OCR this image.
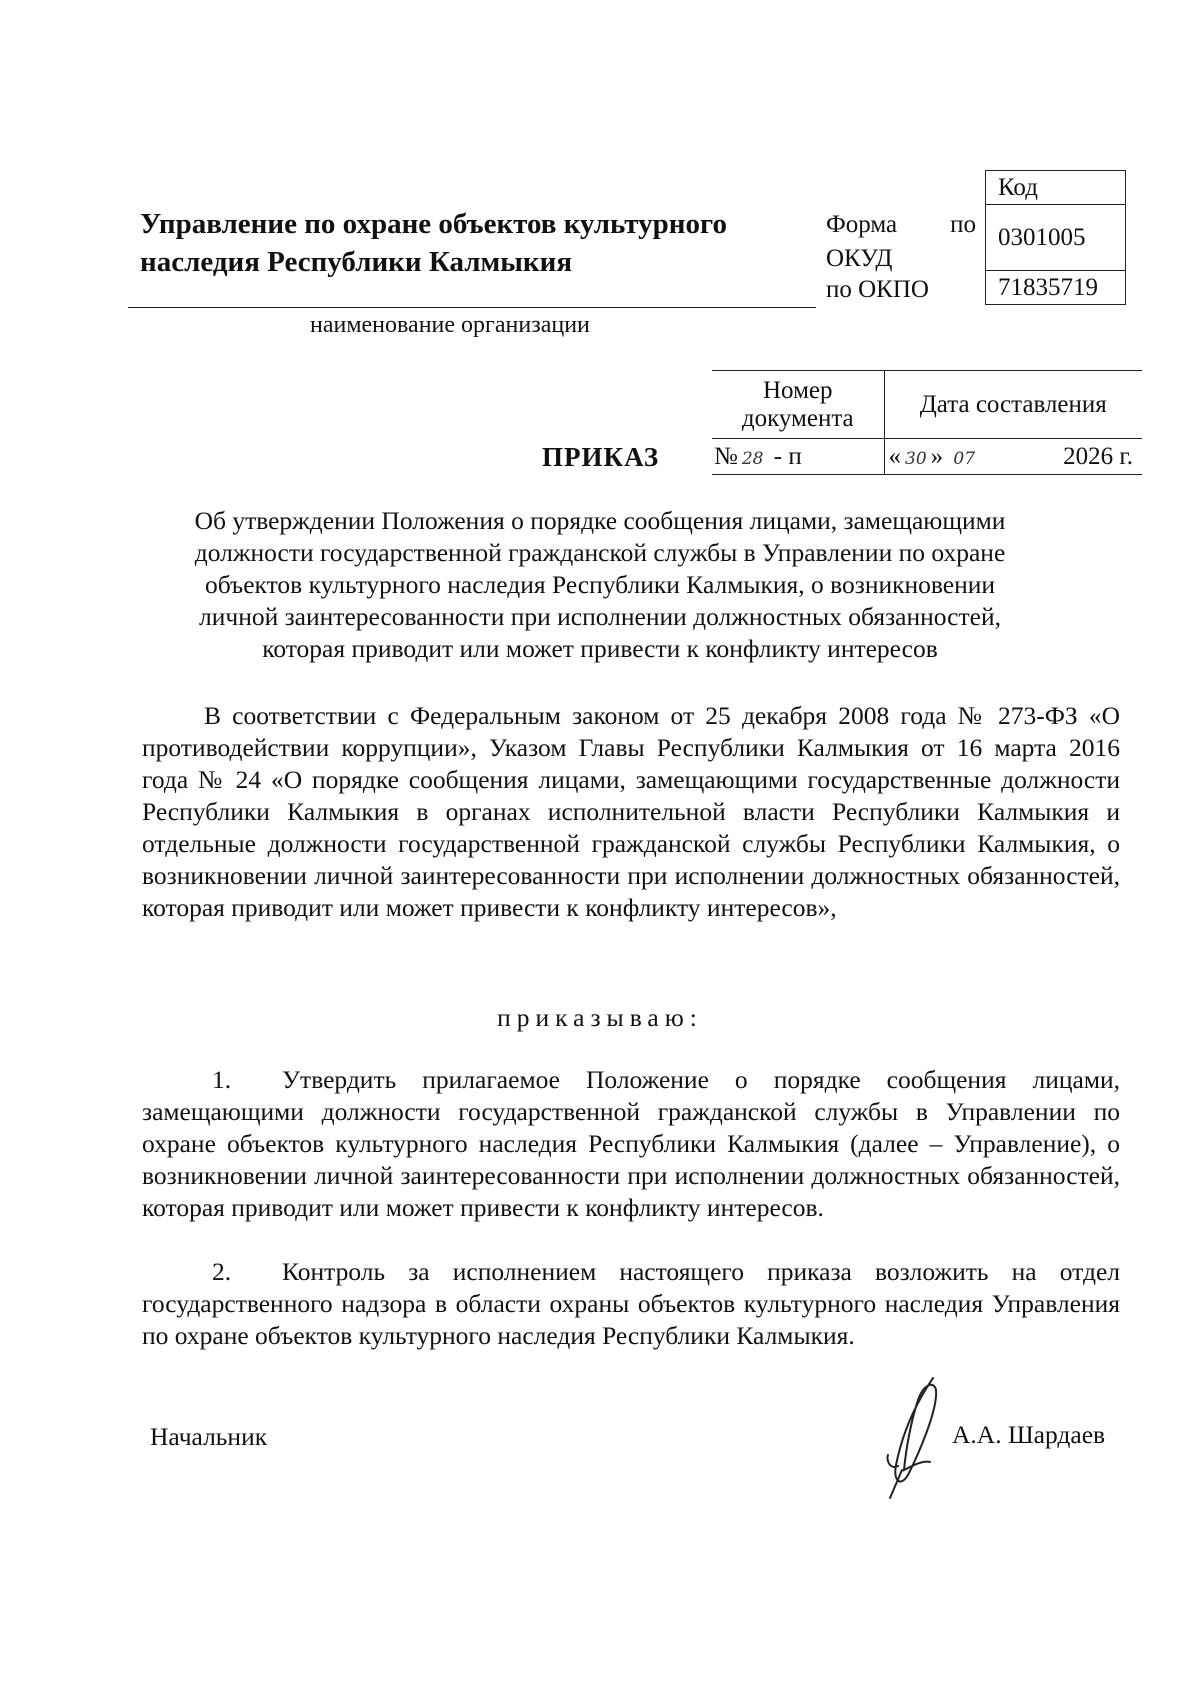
Управление по охране объектов культурного
наследия Республики Калмыкия
наименование организации
Форма по
ОКУД
по ОКПО
Код
0301005
71835719
ПРИКАЗ
Номер
документа	Дата составления
№ 28 - п	« 30 » 07 2026 г.
Об утверждении Положения о порядке сообщения лицами, замещающими
должности государственной гражданской службы в Управлении по охране
объектов культурного наследия Республики Калмыкия, о возникновении
личной заинтересованности при исполнении должностных обязанностей,
которая приводит или может привести к конфликту интересов
В соответствии с Федеральным законом от 25 декабря 2008 года № 273-ФЗ «О противодействии коррупции», Указом Главы Республики Калмыкия от 16 марта 2016 года № 24 «О порядке сообщения лицами, замещающими государственные должности Республики Калмыкия в органах исполнительной власти Республики Калмыкия и отдельные должности государственной гражданской службы Республики Калмыкия, о возникновении личной заинтересованности при исполнении должностных обязанностей, которая приводит или может привести к конфликту интересов»,
приказываю:
1. Утвердить прилагаемое Положение о порядке сообщения лицами, замещающими должности государственной гражданской службы в Управлении по охране объектов культурного наследия Республики Калмыкия (далее – Управление), о возникновении личной заинтересованности при исполнении должностных обязанностей, которая приводит или может привести к конфликту интересов.
2. Контроль за исполнением настоящего приказа возложить на отдел государственного надзора в области охраны объектов культурного наследия Управления по охране объектов культурного наследия Республики Калмыкия.
Начальник	А.А. Шардаев
